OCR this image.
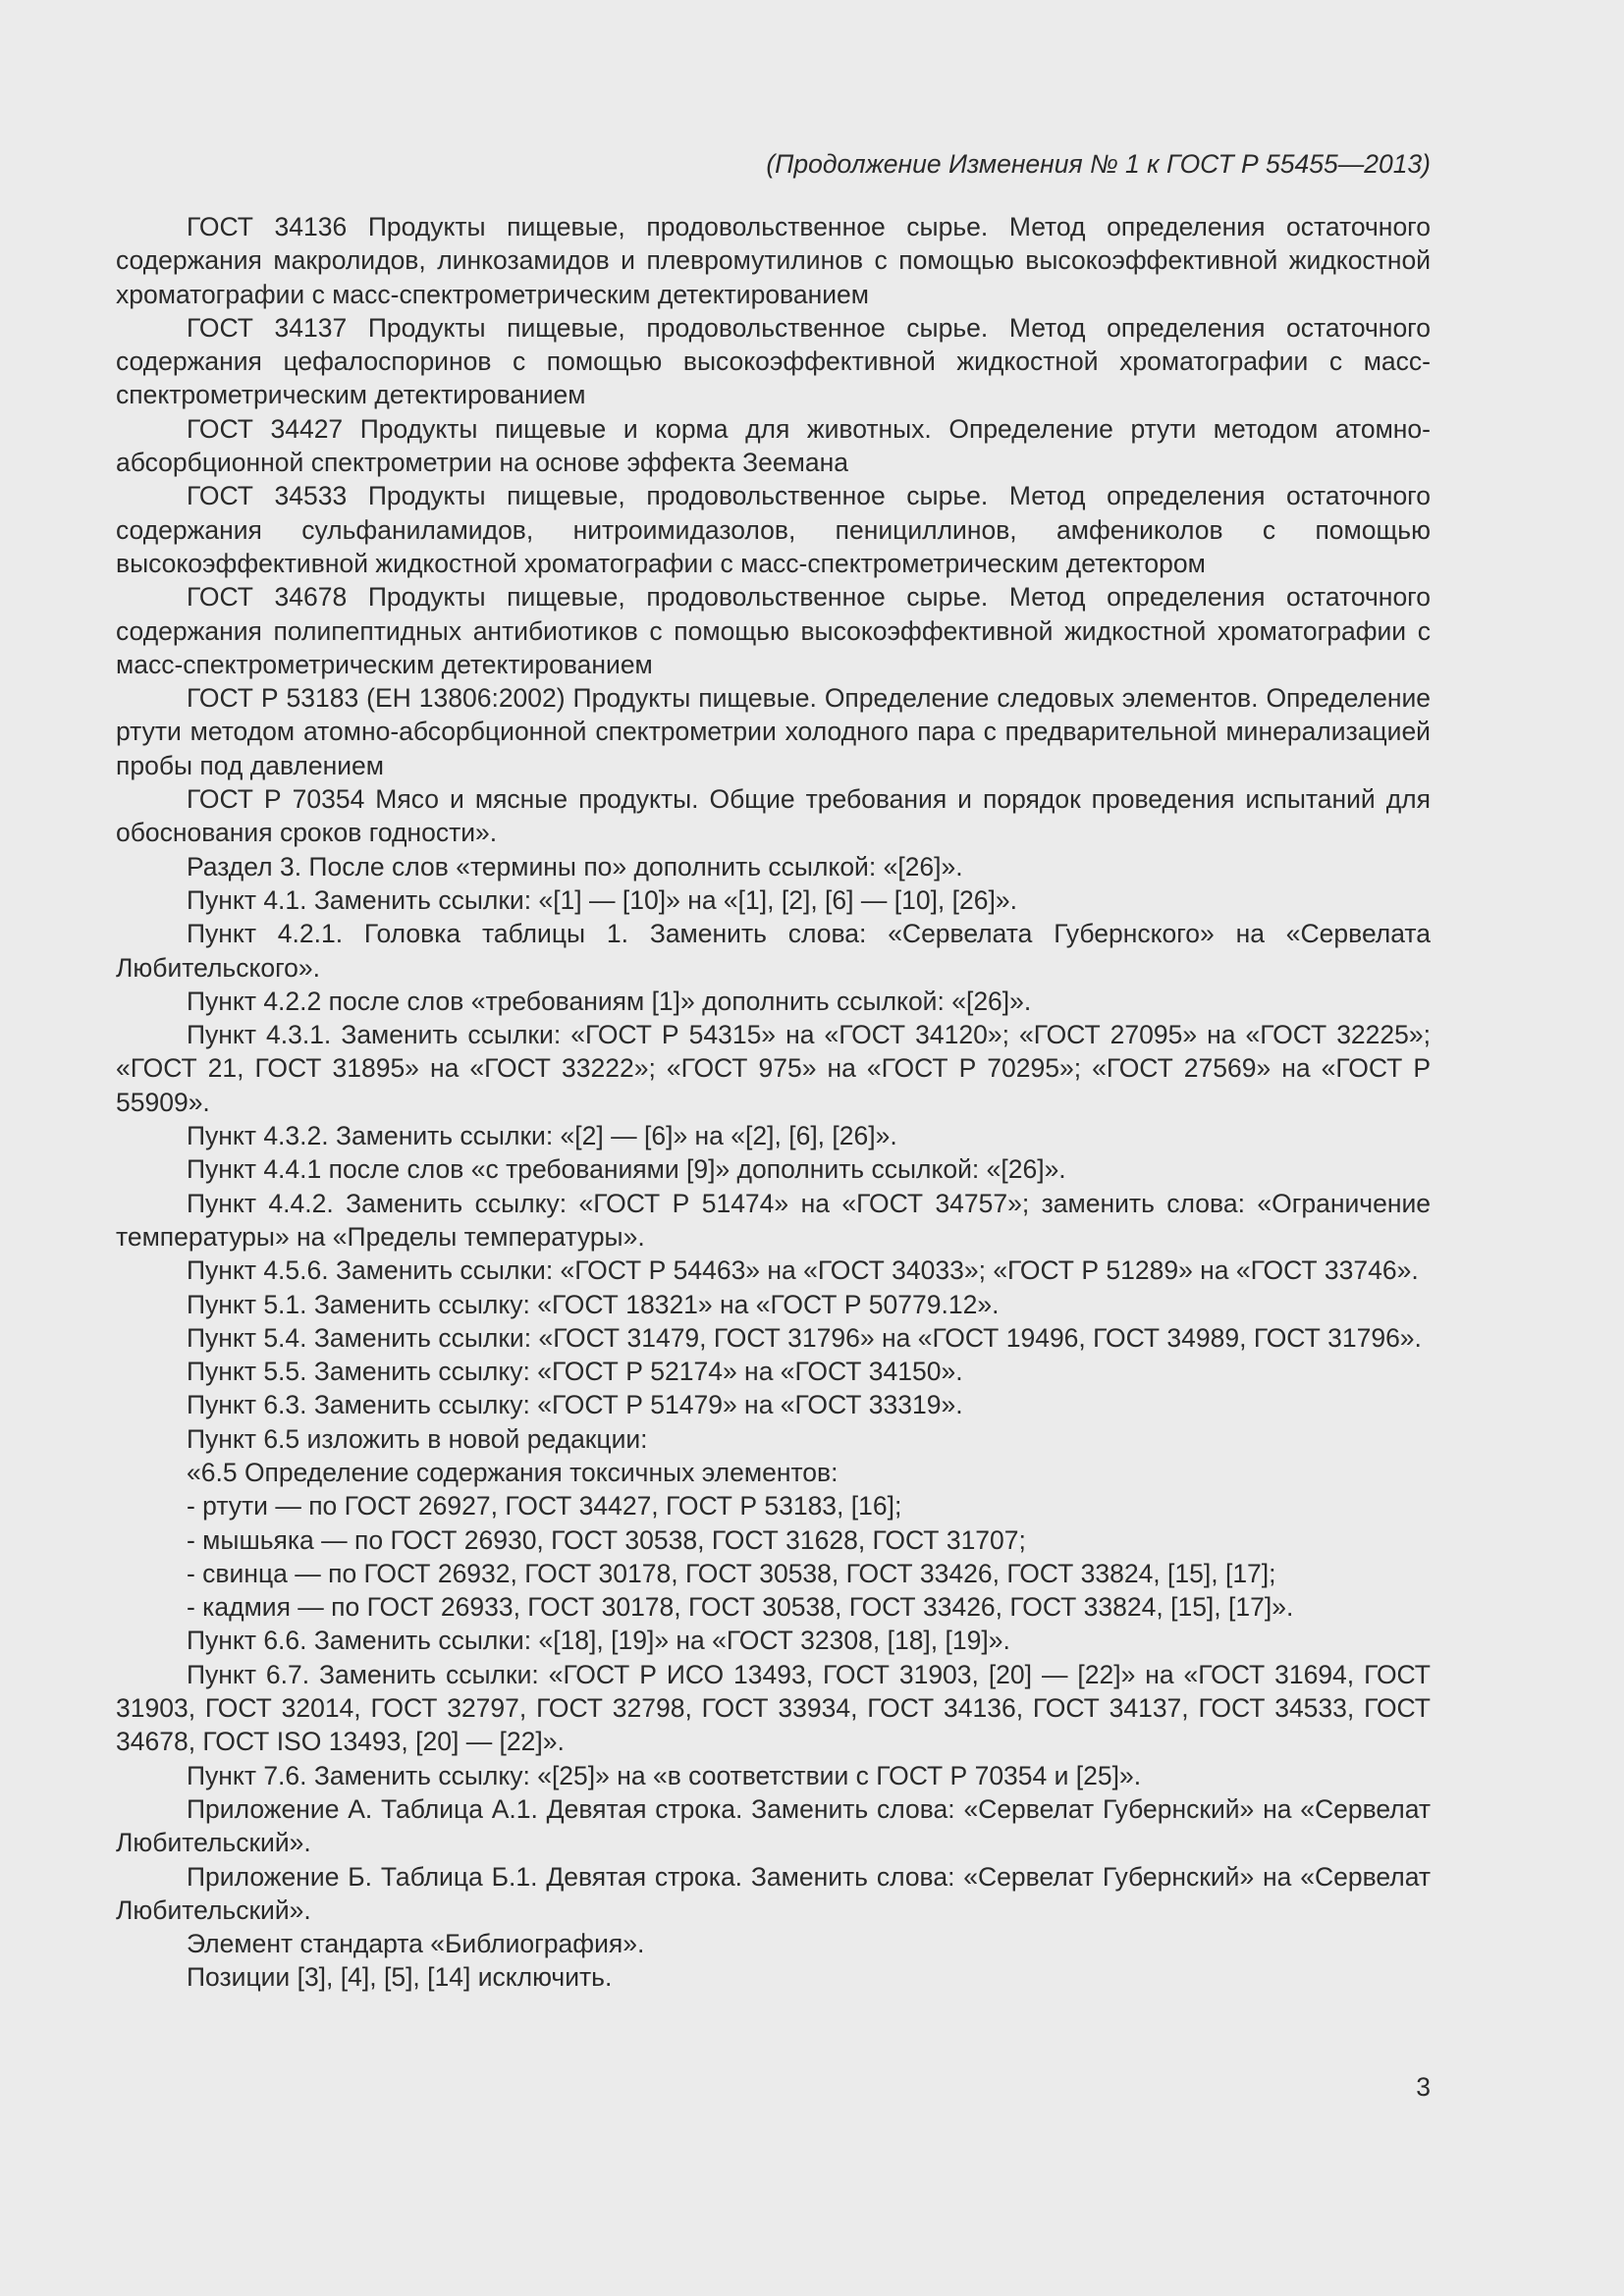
(Продолжение Изменения № 1 к ГОСТ Р 55455—2013)

ГОСТ 34136 Продукты пищевые, продовольственное сырье. Метод определения остаточного содержания макролидов, линкозамидов и плевромутилинов с помощью высокоэффективной жидкостной хроматографии с масс-спектрометрическим детектированием

ГОСТ 34137 Продукты пищевые, продовольственное сырье. Метод определения остаточного содержания цефалоспоринов с помощью высокоэффективной жидкостной хроматографии с масс-спектрометрическим детектированием

ГОСТ 34427 Продукты пищевые и корма для животных. Определение ртути методом атомно-абсорбционной спектрометрии на основе эффекта Зеемана

ГОСТ 34533 Продукты пищевые, продовольственное сырье. Метод определения остаточного содержания сульфаниламидов, нитроимидазолов, пенициллинов, амфениколов с помощью высокоэффективной жидкостной хроматографии с масс-спектрометрическим детектором

ГОСТ 34678 Продукты пищевые, продовольственное сырье. Метод определения остаточного содержания полипептидных антибиотиков с помощью высокоэффективной жидкостной хроматографии с масс-спектрометрическим детектированием

ГОСТ Р 53183 (ЕН 13806:2002) Продукты пищевые. Определение следовых элементов. Определение ртути методом атомно-абсорбционной спектрометрии холодного пара с предварительной минерализацией пробы под давлением

ГОСТ Р 70354 Мясо и мясные продукты. Общие требования и порядок проведения испытаний для обоснования сроков годности».

Раздел 3. После слов «термины по» дополнить ссылкой: «[26]».

Пункт 4.1. Заменить ссылки: «[1] — [10]» на «[1], [2], [6] — [10], [26]».

Пункт 4.2.1. Головка таблицы 1. Заменить слова: «Сервелата Губернского» на «Сервелата Любительского».

Пункт 4.2.2 после слов «требованиям [1]» дополнить ссылкой: «[26]».

Пункт 4.3.1. Заменить ссылки: «ГОСТ Р 54315» на «ГОСТ 34120»; «ГОСТ 27095» на «ГОСТ 32225»; «ГОСТ 21, ГОСТ 31895» на «ГОСТ 33222»; «ГОСТ 975» на «ГОСТ Р 70295»; «ГОСТ 27569» на «ГОСТ Р 55909».

Пункт 4.3.2. Заменить ссылки: «[2] — [6]» на «[2], [6], [26]».

Пункт 4.4.1 после слов «с требованиями [9]» дополнить ссылкой: «[26]».

Пункт 4.4.2. Заменить ссылку: «ГОСТ Р 51474» на «ГОСТ 34757»; заменить слова: «Ограничение температуры» на «Пределы температуры».

Пункт 4.5.6. Заменить ссылки: «ГОСТ Р 54463» на «ГОСТ 34033»; «ГОСТ Р 51289» на «ГОСТ 33746».

Пункт 5.1. Заменить ссылку: «ГОСТ 18321» на «ГОСТ Р 50779.12».

Пункт 5.4. Заменить ссылки: «ГОСТ 31479, ГОСТ 31796» на «ГОСТ 19496, ГОСТ 34989, ГОСТ 31796».

Пункт 5.5. Заменить ссылку: «ГОСТ Р 52174» на «ГОСТ 34150».

Пункт 6.3. Заменить ссылку: «ГОСТ Р 51479» на «ГОСТ 33319».

Пункт 6.5 изложить в новой редакции:

«6.5 Определение содержания токсичных элементов:

- ртути — по ГОСТ 26927, ГОСТ 34427, ГОСТ Р 53183, [16];

- мышьяка — по ГОСТ 26930, ГОСТ 30538, ГОСТ 31628, ГОСТ 31707;

- свинца — по ГОСТ 26932, ГОСТ 30178, ГОСТ 30538, ГОСТ 33426, ГОСТ 33824, [15], [17];

- кадмия — по ГОСТ 26933, ГОСТ 30178, ГОСТ 30538, ГОСТ 33426, ГОСТ 33824, [15], [17]».

Пункт 6.6. Заменить ссылки: «[18], [19]» на «ГОСТ 32308, [18], [19]».

Пункт 6.7. Заменить ссылки: «ГОСТ Р ИСО 13493, ГОСТ 31903, [20] — [22]» на «ГОСТ 31694, ГОСТ 31903, ГОСТ 32014, ГОСТ 32797, ГОСТ 32798, ГОСТ 33934, ГОСТ 34136, ГОСТ 34137, ГОСТ 34533, ГОСТ 34678, ГОСТ ISO 13493, [20] — [22]».

Пункт 7.6. Заменить ссылку: «[25]» на «в соответствии с ГОСТ Р 70354 и [25]».

Приложение А. Таблица А.1. Девятая строка. Заменить слова: «Сервелат Губернский» на «Сервелат Любительский».

Приложение Б. Таблица Б.1. Девятая строка. Заменить слова: «Сервелат Губернский» на «Сервелат Любительский».

Элемент стандарта «Библиография».

Позиции [3], [4], [5], [14] исключить.

3
